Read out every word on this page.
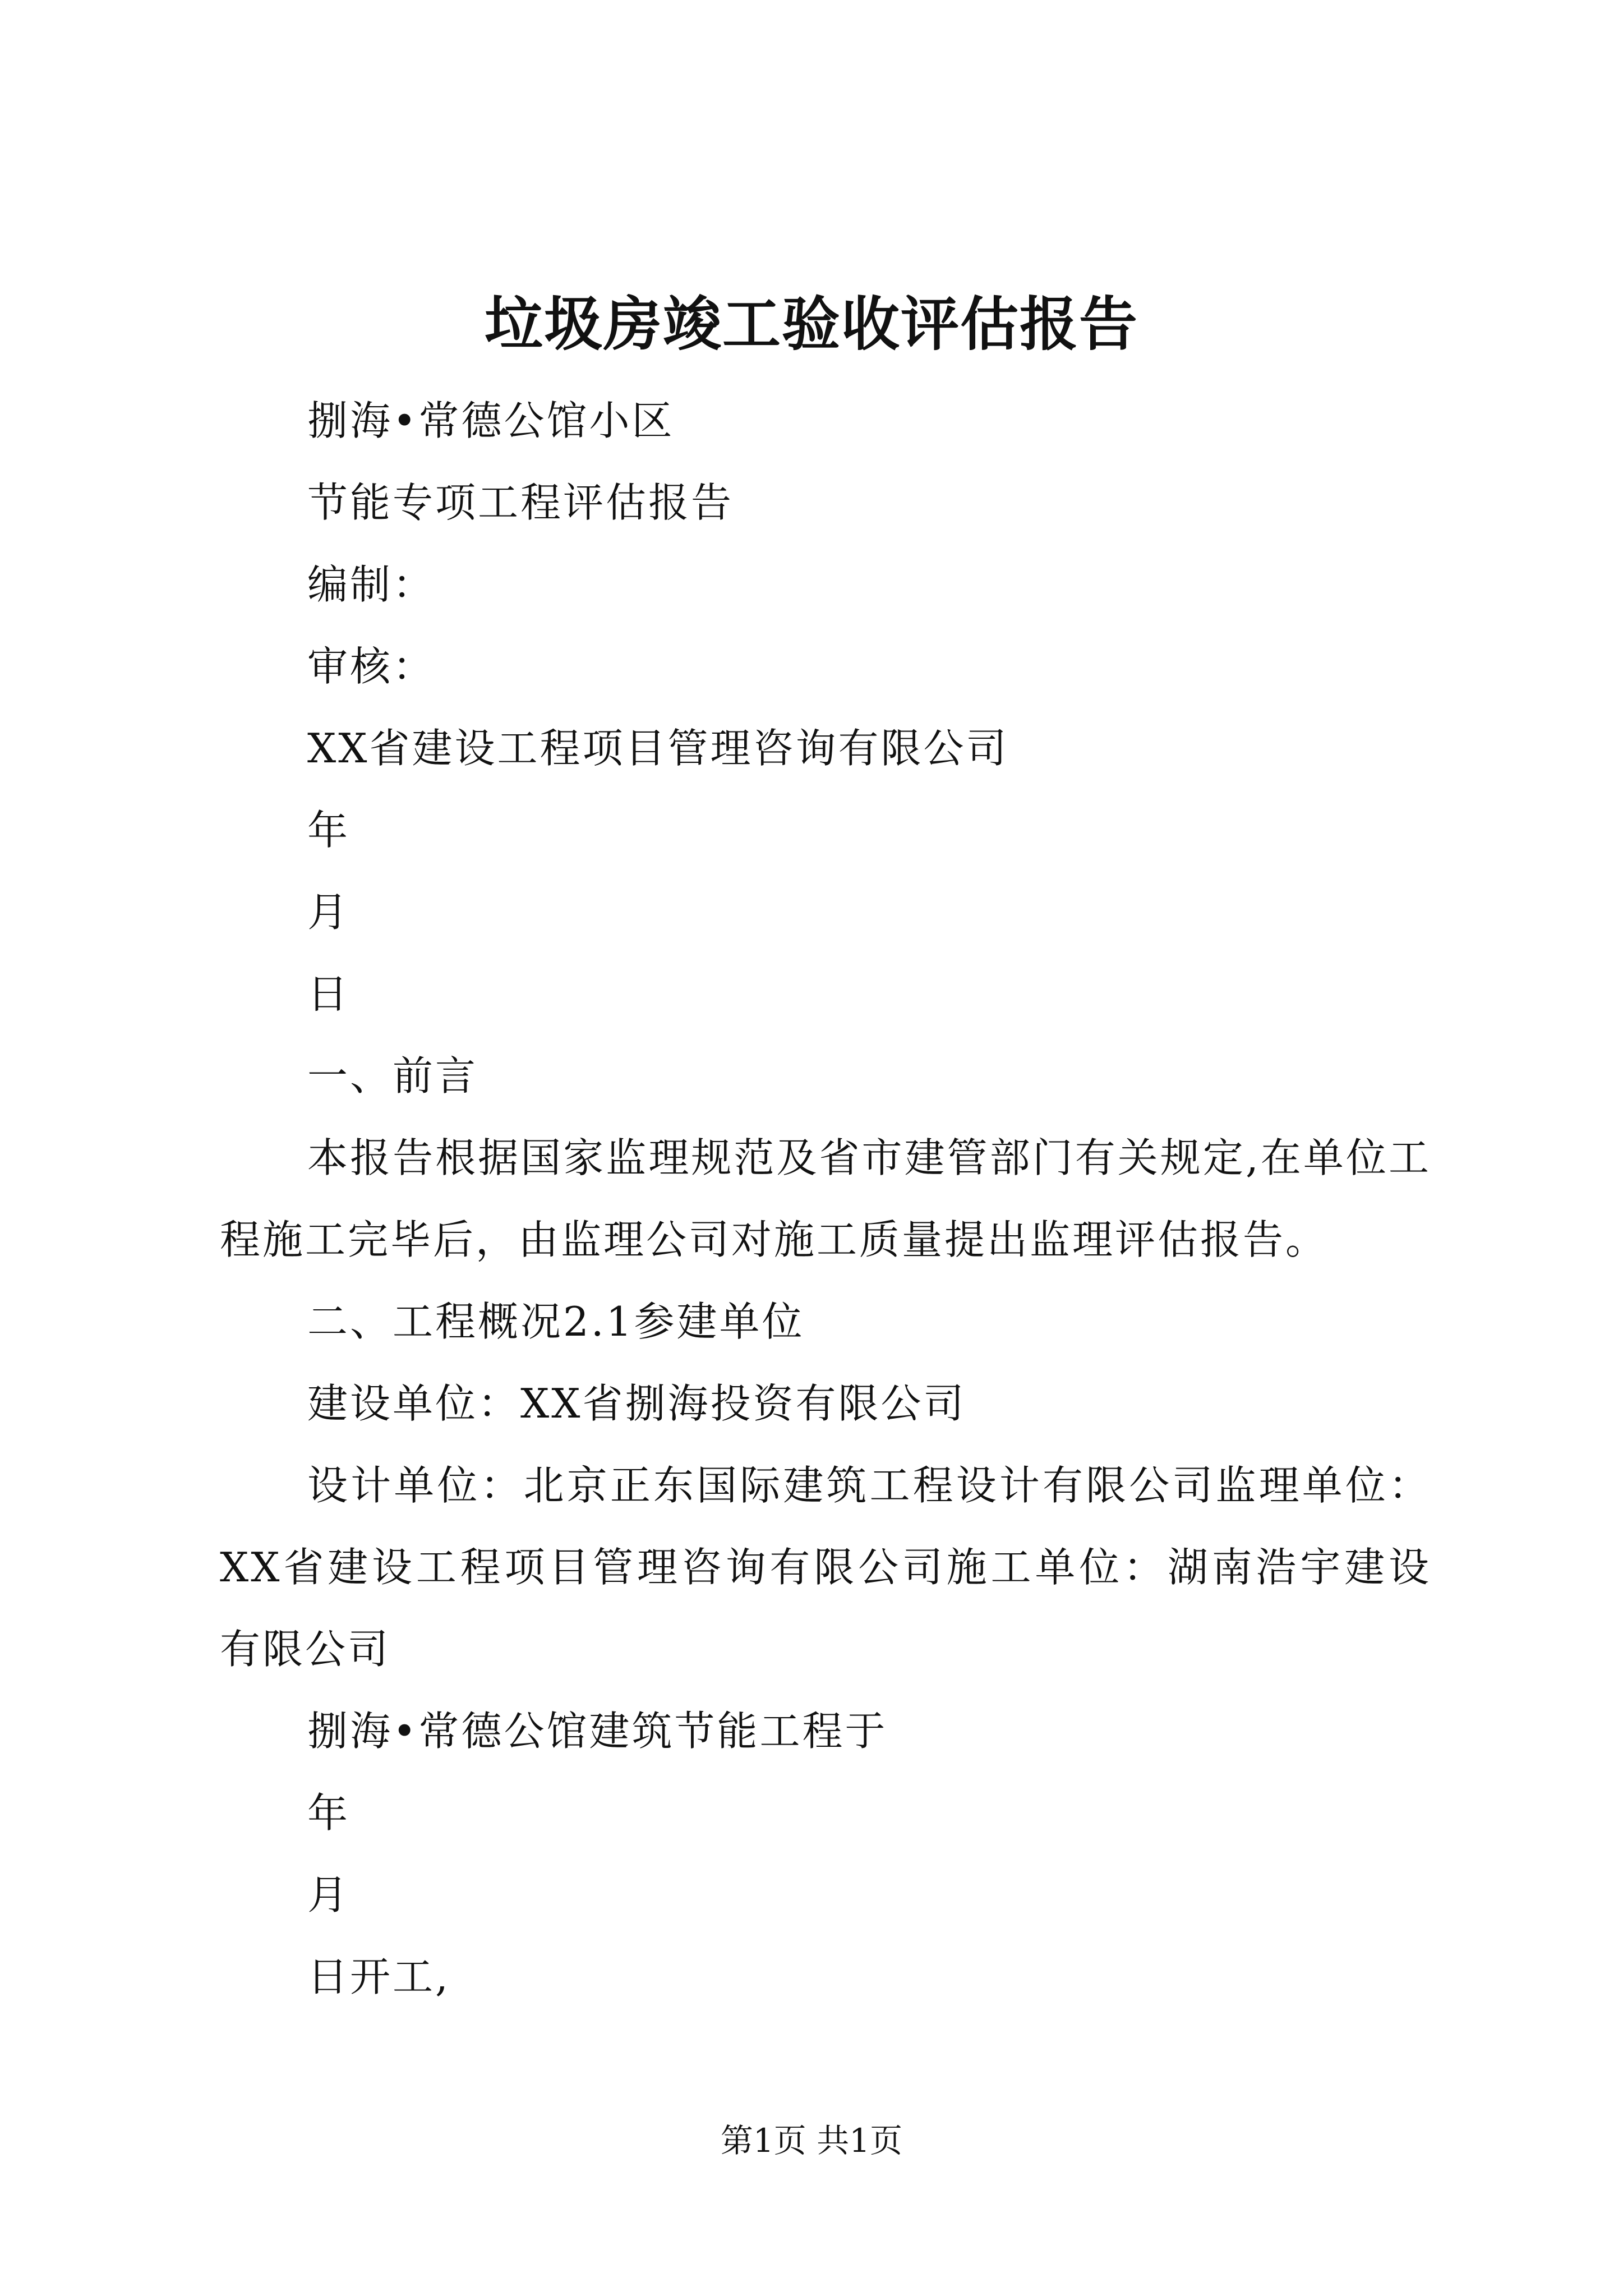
垃圾房竣工验收评估报告

捌海•常德公馆小区

节能专项工程评估报告

编制：

审核：

XX省建设工程项目管理咨询有限公司

年

月

日

一、前言

本报告根据国家监理规范及省市建管部门有关规定,在单位工程施工完毕后，由监理公司对施工质量提出监理评估报告。

二、工程概况2.1参建单位

建设单位：XX省捌海投资有限公司

设计单位：北京正东国际建筑工程设计有限公司监理单位：XX省建设工程项目管理咨询有限公司施工单位：湖南浩宇建设有限公司

捌海•常德公馆建筑节能工程于

年

月

日开工,

第1页 共1页
